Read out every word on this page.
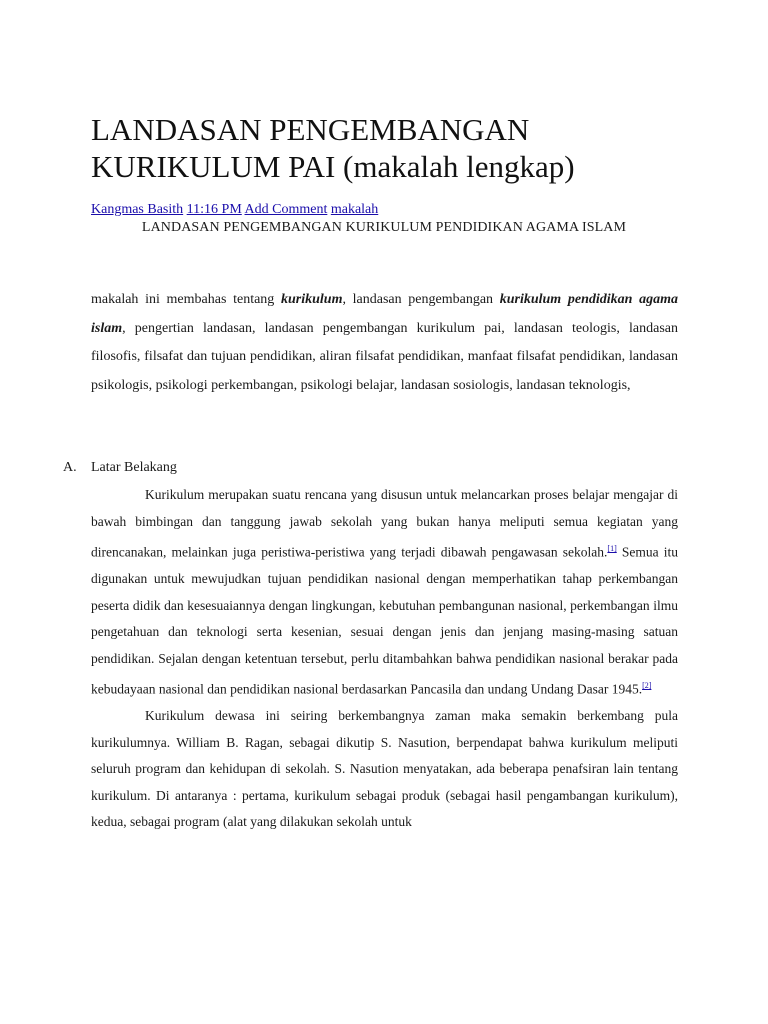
LANDASAN PENGEMBANGAN KURIKULUM PAI (makalah lengkap)
Kangmas Basith 11:16 PM Add Comment makalah
LANDASAN PENGEMBANGAN KURIKULUM PENDIDIKAN AGAMA ISLAM

makalah ini membahas tentang kurikulum, landasan pengembangan kurikulum pendidikan agama islam, pengertian landasan, landasan pengembangan kurikulum pai, landasan teologis, landasan filosofis, filsafat dan tujuan pendidikan, aliran filsafat pendidikan, manfaat filsafat pendidikan, landasan psikologis, psikologi perkembangan, psikologi belajar, landasan sosiologis, landasan teknologis,

A. Latar Belakang

Kurikulum merupakan suatu rencana yang disusun untuk melancarkan proses belajar mengajar di bawah bimbingan dan tanggung jawab sekolah yang bukan hanya meliputi semua kegiatan yang direncanakan, melainkan juga peristiwa-peristiwa yang terjadi dibawah pengawasan sekolah.[1] Semua itu digunakan untuk mewujudkan tujuan pendidikan nasional dengan memperhatikan tahap perkembangan peserta didik dan kesesuaiannya dengan lingkungan, kebutuhan pembangunan nasional, perkembangan ilmu pengetahuan dan teknologi serta kesenian, sesuai dengan jenis dan jenjang masing-masing satuan pendidikan. Sejalan dengan ketentuan tersebut, perlu ditambahkan bahwa pendidikan nasional berakar pada kebudayaan nasional dan pendidikan nasional berdasarkan Pancasila dan undang Undang Dasar 1945.[2]

Kurikulum dewasa ini seiring berkembangnya zaman maka semakin berkembang pula kurikulumnya. William B. Ragan, sebagai dikutip S. Nasution, berpendapat bahwa kurikulum meliputi seluruh program dan kehidupan di sekolah. S. Nasution menyatakan, ada beberapa penafsiran lain tentang kurikulum. Di antaranya : pertama, kurikulum sebagai produk (sebagai hasil pengambangan kurikulum), kedua, sebagai program (alat yang dilakukan sekolah untuk
